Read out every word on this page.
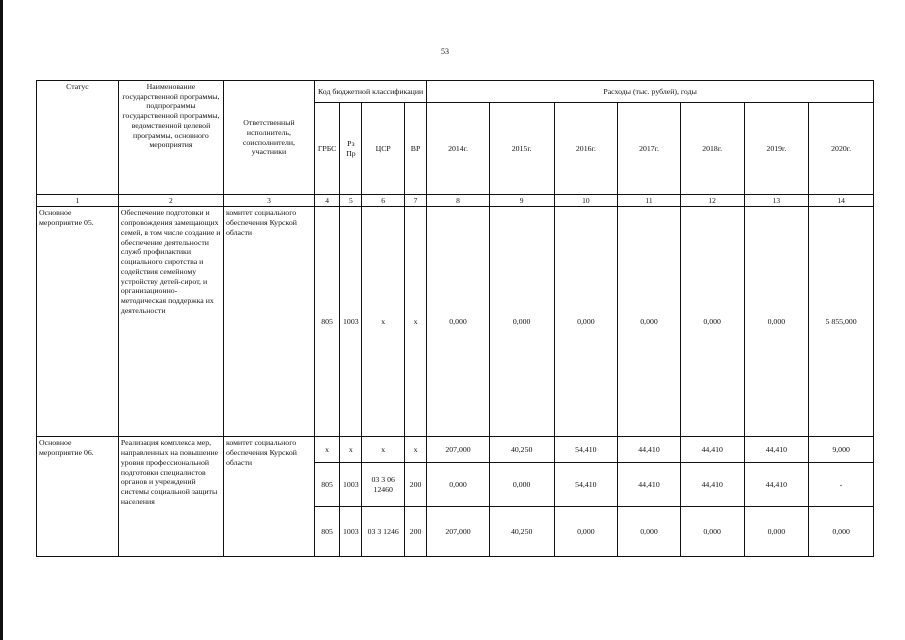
53
Статус	Наименование государственной программы, подпрограммы государственной программы, ведомственной целевой программы, основного мероприятия	Ответственный исполнитель, соисполнители, участники	Код бюджетной классификации				Расходы (тыс. рублей), годы						
			ГРБС	Рз Пр	ЦСР	ВР	2014г.	2015г.	2016г.	2017г.	2018г.	2019г.	2020г.
1	2	3	4	5	6	7	8	9	10	11	12	13	14
Основное мероприятие 05.	Обеспечение подготовки и сопровождения замещающих семей, в том числе создание и обеспечение деятельности служб профилактики социального сиротства и содействия семейному устройству детей-сирот, и организационно-методическая поддержка их деятельности	комитет социального обеспечения Курской области	805	1003	x	x	0,000	0,000	0,000	0,000	0,000	0,000	5 855,000
Основное мероприятие 06.	Реализация комплекса мер, направленных на повышение уровня профессиональной подготовки специалистов органов и учреждений системы социальной защиты населения	комитет социального обеспечения Курской области	x	x	x	x	207,000	40,250	54,410	44,410	44,410	44,410	9,000
			805	1003	03 3 06 12460	200	0,000	0,000	54,410	44,410	44,410	44,410	-
			805	1003	03 3 1246	200	207,000	40,250	0,000	0,000	0,000	0,000	0,000
